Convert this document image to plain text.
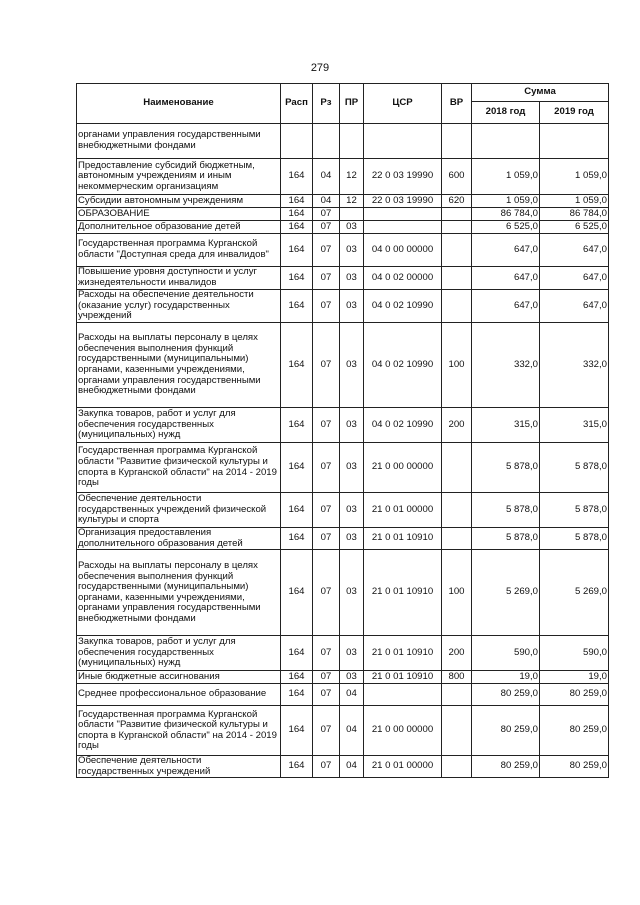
279
Наименование	Расп	Рз	ПР	ЦСР	ВР	Сумма	
						2018 год	2019 год
органами управления государственными внебюджетными фондами							
Предоставление субсидий бюджетным, автономным учреждениям и иным некоммерческим организациям	164	04	12	22 0 03 19990	600	1 059,0	1 059,0
Субсидии автономным учреждениям	164	04	12	22 0 03 19990	620	1 059,0	1 059,0
ОБРАЗОВАНИЕ	164	07				86 784,0	86 784,0
Дополнительное образование детей	164	07	03			6 525,0	6 525,0
Государственная программа Курганской области "Доступная среда для инвалидов"	164	07	03	04 0 00 00000		647,0	647,0
Повышение уровня доступности и услуг жизнедеятельности инвалидов	164	07	03	04 0 02 00000		647,0	647,0
Расходы на обеспечение деятельности (оказание услуг) государственных учреждений	164	07	03	04 0 02 10990		647,0	647,0
Расходы на выплаты персоналу в целях обеспечения выполнения функций государственными (муниципальными) органами, казенными учреждениями, органами управления государственными внебюджетными фондами	164	07	03	04 0 02 10990	100	332,0	332,0
Закупка товаров, работ и услуг для обеспечения государственных (муниципальных) нужд	164	07	03	04 0 02 10990	200	315,0	315,0
Государственная программа Курганской области "Развитие физической культуры и спорта в Курганской области" на 2014 - 2019 годы	164	07	03	21 0 00 00000		5 878,0	5 878,0
Обеспечение деятельности государственных учреждений физической культуры и спорта	164	07	03	21 0 01 00000		5 878,0	5 878,0
Организация предоставления дополнительного образования детей	164	07	03	21 0 01 10910		5 878,0	5 878,0
Расходы на выплаты персоналу в целях обеспечения выполнения функций государственными (муниципальными) органами, казенными учреждениями, органами управления государственными внебюджетными фондами	164	07	03	21 0 01 10910	100	5 269,0	5 269,0
Закупка товаров, работ и услуг для обеспечения государственных (муниципальных) нужд	164	07	03	21 0 01 10910	200	590,0	590,0
Иные бюджетные ассигнования	164	07	03	21 0 01 10910	800	19,0	19,0
Среднее профессиональное образование	164	07	04			80 259,0	80 259,0
Государственная программа Курганской области "Развитие физической культуры и спорта в Курганской области" на 2014 - 2019 годы	164	07	04	21 0 00 00000		80 259,0	80 259,0
Обеспечение деятельности государственных учреждений	164	07	04	21 0 01 00000		80 259,0	80 259,0
